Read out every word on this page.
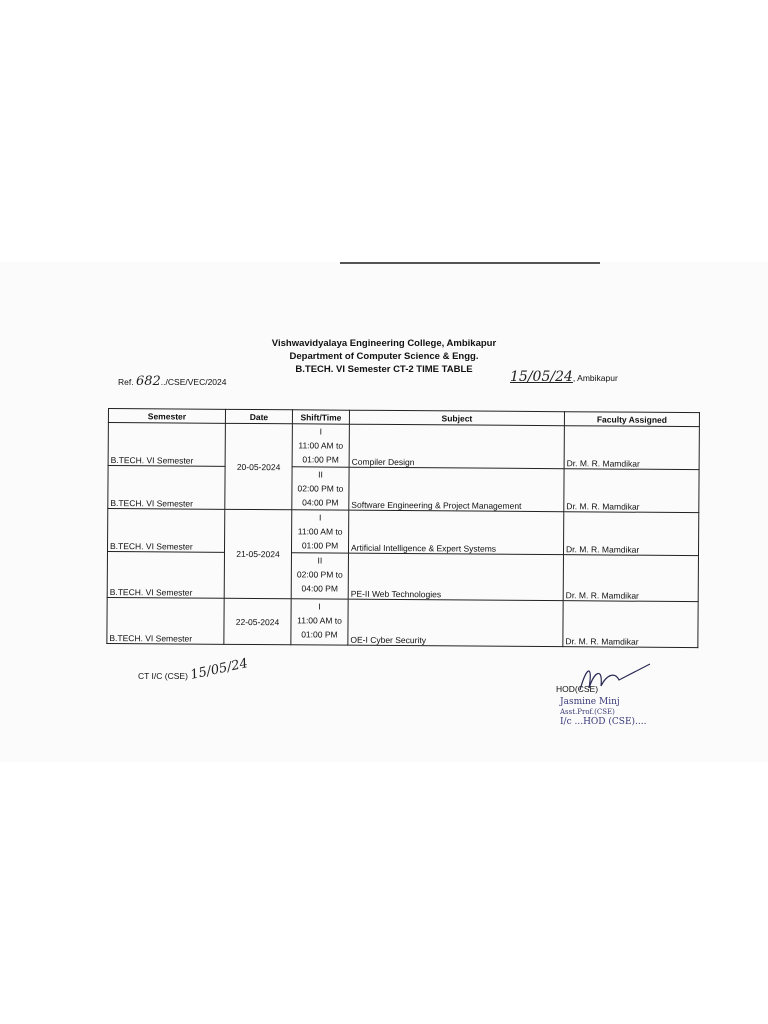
Vishwavidyalaya Engineering College, Ambikapur
Department of Computer Science & Engg.
B.TECH. VI Semester CT-2 TIME TABLE
Ref. 682../CSE/VEC/2024	15/05/24, Ambikapur
Semester	Date	Shift/Time	Subject	Faculty Assigned
B.TECH. VI Semester	20-05-2024	I
11:00 AM to
01:00 PM	Compiler Design	Dr. M. R. Mamdikar
B.TECH. VI Semester		II
02:00 PM to
04:00 PM	Software Engineering & Project Management	Dr. M. R. Mamdikar
B.TECH. VI Semester	21-05-2024	I
11:00 AM to
01:00 PM	Artificial Intelligence & Expert Systems	Dr. M. R. Mamdikar
B.TECH. VI Semester		II
02:00 PM to
04:00 PM	PE-II Web Technologies	Dr. M. R. Mamdikar
B.TECH. VI Semester	22-05-2024	I
11:00 AM to
01:00 PM	OE-I Cyber Security	Dr. M. R. Mamdikar
CT I/C (CSE) 15/05/24
HOD(CSE)
Jasmine Minj
Asst.Prof.(CSE)
I/c ...HOD (CSE)....
